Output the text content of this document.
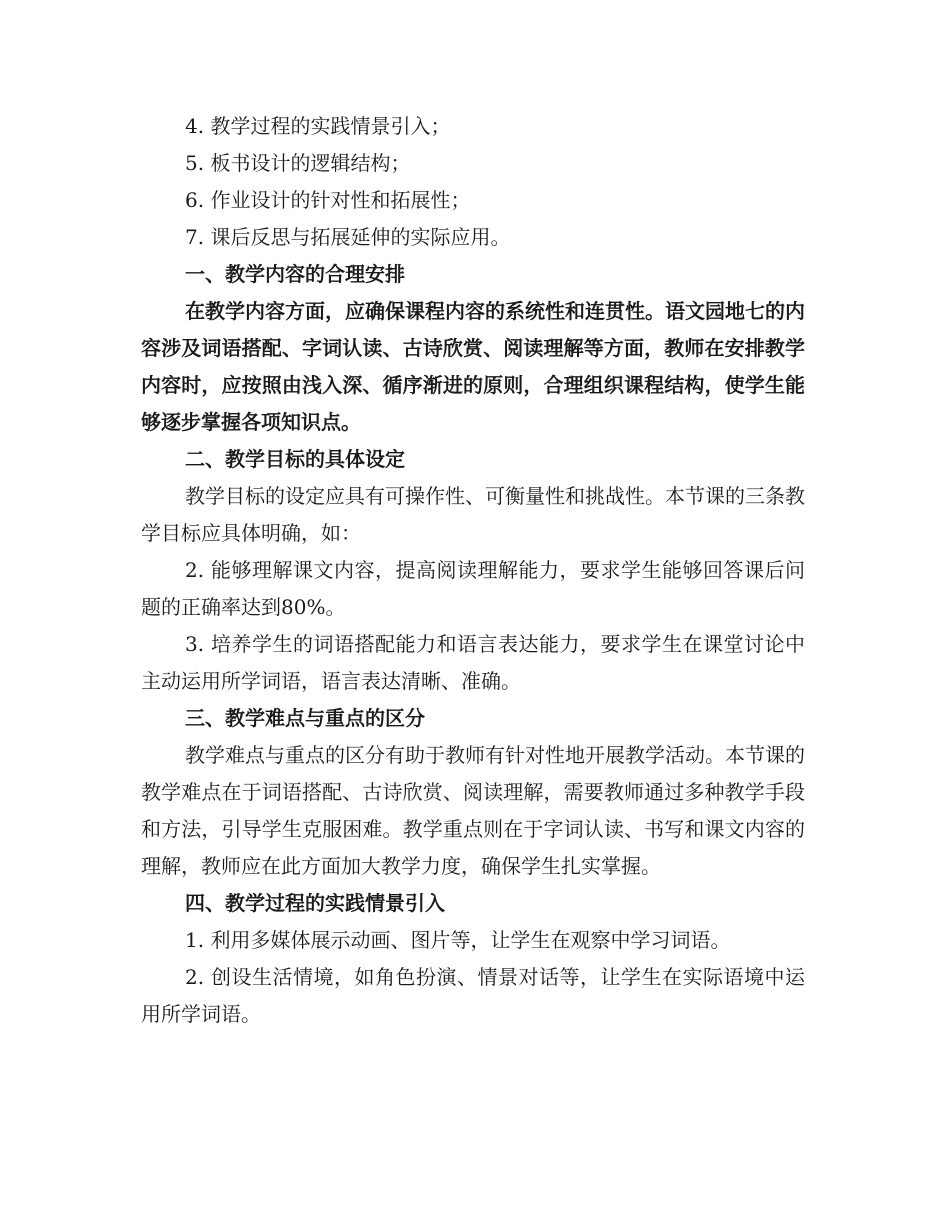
4. 教学过程的实践情景引入；

5. 板书设计的逻辑结构；

6. 作业设计的针对性和拓展性；

7. 课后反思与拓展延伸的实际应用。

一、教学内容的合理安排

在教学内容方面，应确保课程内容的系统性和连贯性。语文园地七的内容涉及词语搭配、字词认读、古诗欣赏、阅读理解等方面，教师在安排教学内容时，应按照由浅入深、循序渐进的原则，合理组织课程结构，使学生能够逐步掌握各项知识点。

二、教学目标的具体设定

教学目标的设定应具有可操作性、可衡量性和挑战性。本节课的三条教学目标应具体明确，如：

2. 能够理解课文内容，提高阅读理解能力，要求学生能够回答课后问题的正确率达到80%。

3. 培养学生的词语搭配能力和语言表达能力，要求学生在课堂讨论中主动运用所学词语，语言表达清晰、准确。

三、教学难点与重点的区分

教学难点与重点的区分有助于教师有针对性地开展教学活动。本节课的教学难点在于词语搭配、古诗欣赏、阅读理解，需要教师通过多种教学手段和方法，引导学生克服困难。教学重点则在于字词认读、书写和课文内容的理解，教师应在此方面加大教学力度，确保学生扎实掌握。

四、教学过程的实践情景引入

1. 利用多媒体展示动画、图片等，让学生在观察中学习词语。

2. 创设生活情境，如角色扮演、情景对话等，让学生在实际语境中运用所学词语。
